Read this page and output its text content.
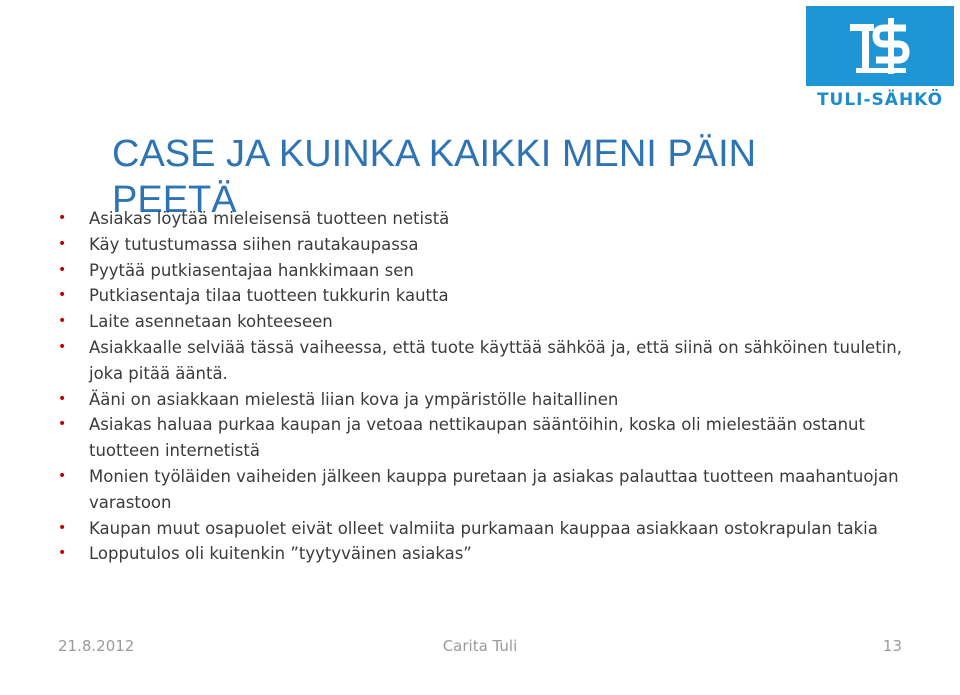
TULI-SÄHKÖ
CASE JA KUINKA KAIKKI MENI PÄIN PEETÄ
• Asiakas löytää mieleisensä tuotteen netistä
• Käy tutustumassa siihen rautakaupassa
• Pyytää putkiasentajaa hankkimaan sen
• Putkiasentaja tilaa tuotteen tukkurin kautta
• Laite asennetaan kohteeseen
• Asiakkaalle selviää tässä vaiheessa, että tuote käyttää sähköä ja, että siinä on sähköinen tuuletin, joka pitää ääntä.
• Ääni on asiakkaan mielestä liian kova ja ympäristölle haitallinen
• Asiakas haluaa purkaa kaupan ja vetoaa nettikaupan sääntöihin, koska oli mielestään ostanut tuotteen internetistä
• Monien työläiden vaiheiden jälkeen kauppa puretaan ja asiakas palauttaa tuotteen maahantuojan varastoon
• Kaupan muut osapuolet eivät olleet valmiita purkamaan kauppaa asiakkaan ostokrapulan takia
• Lopputulos oli kuitenkin ”tyytyväinen asiakas”
21.8.2012	Carita Tuli	13
